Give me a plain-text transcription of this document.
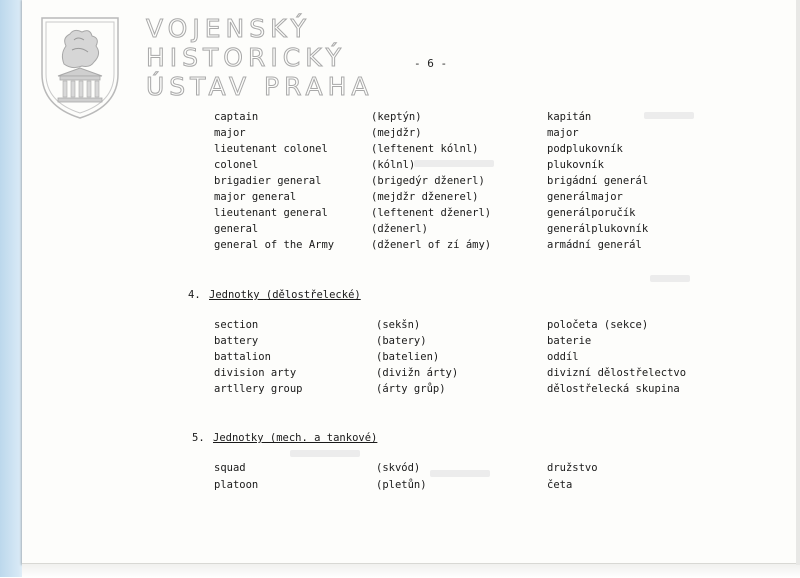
VOJENSKÝ
HISTORICKÝ
ÚSTAV PRAHA
- 6 -
captain	(keptýn)	kapitán
major	(mejdžr)	major
lieutenant colonel	(leftenent kólnl)	podplukovník
colonel	(kólnl)	plukovník
brigadier general	(brigedýr dženerl)	brigádní generál
major general	(mejdžr dženerel)	generálmajor
lieutenant general	(leftenent dženerl)	generálporučík
general	(dženerl)	generálplukovník
general of the Army	(dženerl of zí ámy)	armádní generál
4. Jednotky (dělostřelecké)
section	(sekšn)	poločeta (sekce)
battery	(batery)	baterie
battalion	(batelien)	oddíl
division arty	(divižn árty)	divizní dělostřelectvo
artllery group	(árty grůp)	dělostřelecká skupina
5. Jednotky (mech. a tankové)
squad	(skvód)	družstvo
platoon	(pletůn)	četa
